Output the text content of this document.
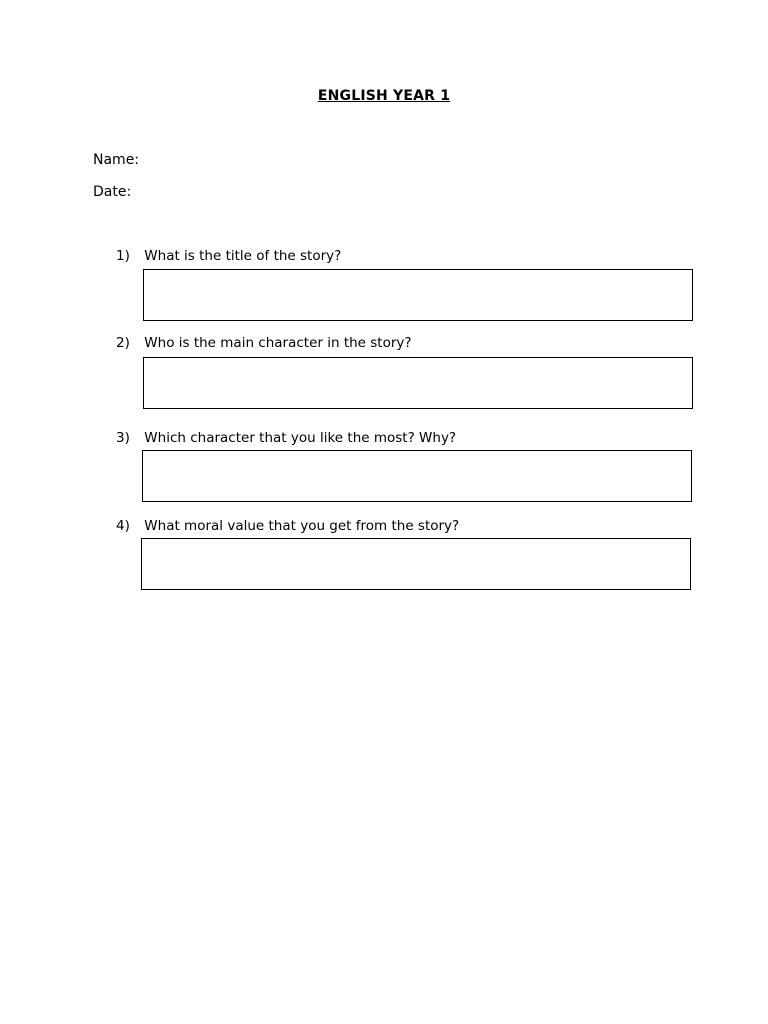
ENGLISH YEAR 1
Name:
Date:
1) What is the title of the story?
2) Who is the main character in the story?
3) Which character that you like the most? Why?
4) What moral value that you get from the story?
